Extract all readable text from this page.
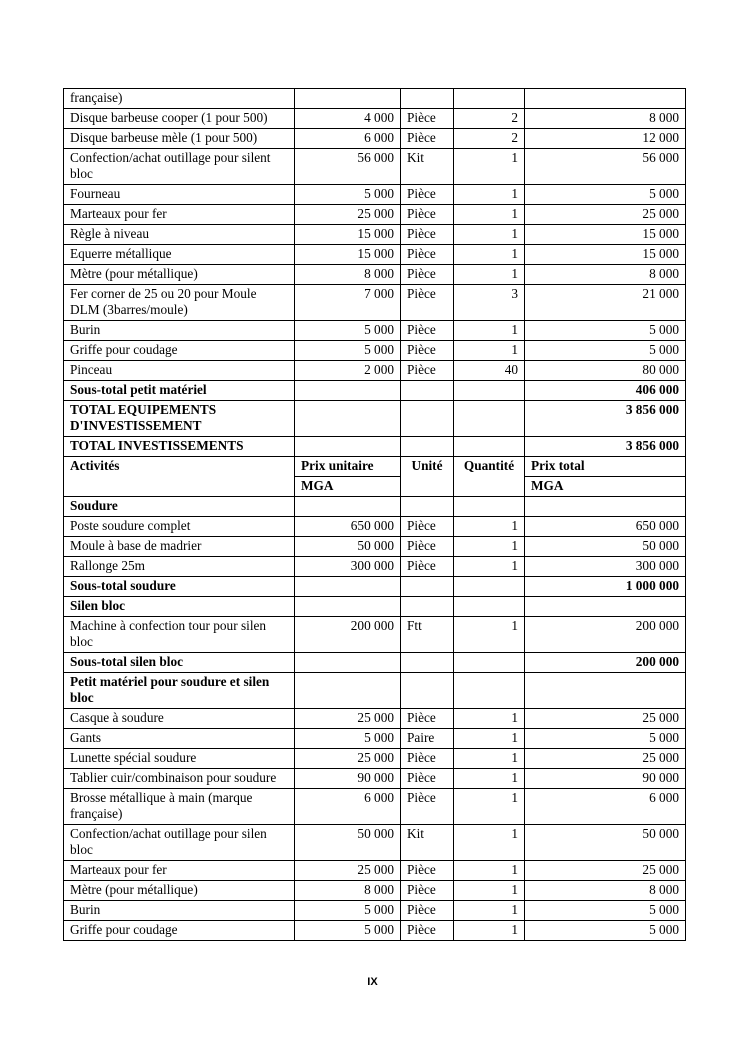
française)				
Disque barbeuse cooper (1 pour 500)	4 000	Pièce	2	8 000
Disque barbeuse mèle (1 pour 500)	6 000	Pièce	2	12 000
Confection/achat outillage pour silent bloc	56 000	Kit	1	56 000
Fourneau	5 000	Pièce	1	5 000
Marteaux pour fer	25 000	Pièce	1	25 000
Règle à niveau	15 000	Pièce	1	15 000
Equerre métallique	15 000	Pièce	1	15 000
Mètre (pour métallique)	8 000	Pièce	1	8 000
Fer corner de 25 ou 20 pour Moule DLM (3barres/moule)	7 000	Pièce	3	21 000
Burin	5 000	Pièce	1	5 000
Griffe pour coudage	5 000	Pièce	1	5 000
Pinceau	2 000	Pièce	40	80 000
Sous-total petit matériel				406 000
TOTAL EQUIPEMENTS D'INVESTISSEMENT				3 856 000
TOTAL INVESTISSEMENTS				3 856 000
Activités	Prix unitaire	Unité	Quantité	Prix total
	MGA			MGA
Soudure				
Poste soudure complet	650 000	Pièce	1	650 000
Moule à base de madrier	50 000	Pièce	1	50 000
Rallonge 25m	300 000	Pièce	1	300 000
Sous-total soudure				1 000 000
Silen bloc				
Machine à confection tour pour silen bloc	200 000	Ftt	1	200 000
Sous-total silen bloc				200 000
Petit matériel pour soudure et silen bloc				
Casque à soudure	25 000	Pièce	1	25 000
Gants	5 000	Paire	1	5 000
Lunette spécial soudure	25 000	Pièce	1	25 000
Tablier cuir/combinaison pour soudure	90 000	Pièce	1	90 000
Brosse métallique à main (marque française)	6 000	Pièce	1	6 000
Confection/achat outillage pour silen bloc	50 000	Kit	1	50 000
Marteaux pour fer	25 000	Pièce	1	25 000
Mètre (pour métallique)	8 000	Pièce	1	8 000
Burin	5 000	Pièce	1	5 000
Griffe pour coudage	5 000	Pièce	1	5 000
IX
